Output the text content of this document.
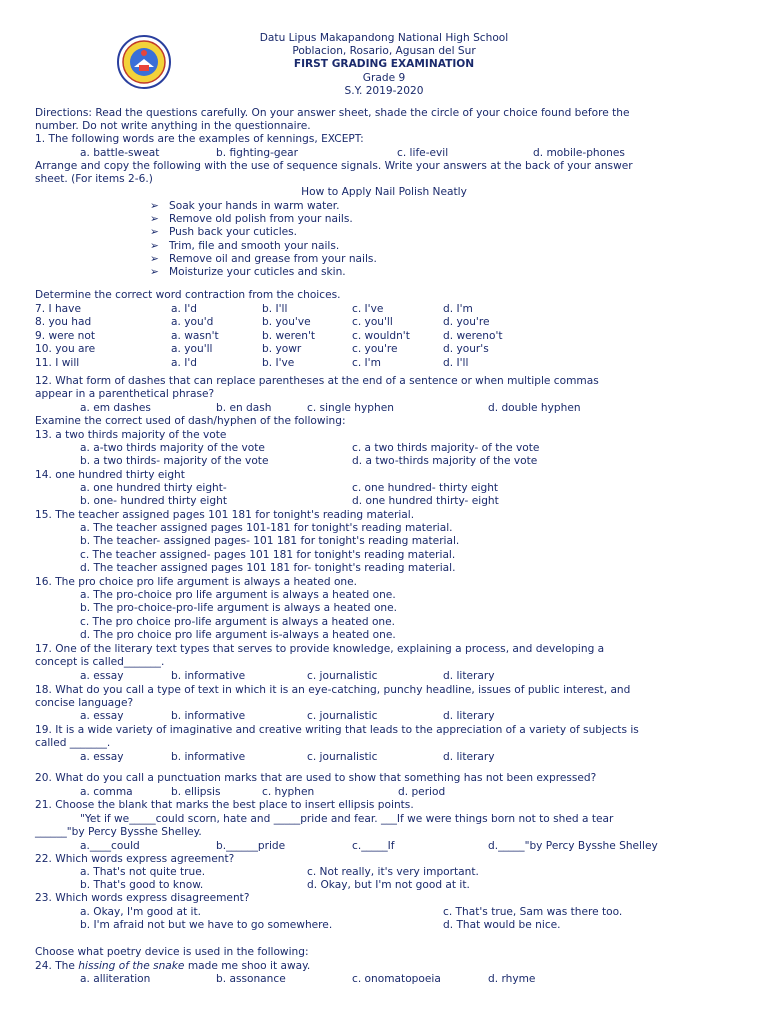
Datu Lipus Makapandong National High School
Poblacion, Rosario, Agusan del Sur
FIRST GRADING EXAMINATION
Grade 9
S.Y. 2019-2020
Directions: Read the questions carefully. On your answer sheet, shade the circle of your choice found before the
number. Do not write anything in the questionnaire.
1. The following words are the examples of kennings, EXCEPT:
a. battle-sweat	b. fighting-gear	c. life-evil	d. mobile-phones
Arrange and copy the following with the use of sequence signals. Write your answers at the back of your answer
sheet. (For items 2-6.)
How to Apply Nail Polish Neatly
➢   Soak your hands in warm water.
➢   Remove old polish from your nails.
➢   Push back your cuticles.
➢   Trim, file and smooth your nails.
➢   Remove oil and grease from your nails.
➢   Moisturize your cuticles and skin.
Determine the correct word contraction from the choices.
7. I have	a. I'd	b. I'll	c. I've	d. I'm
8. you had	a. you'd	b. you've	c. you'll	d. you're
9. were not	a. wasn't	b. weren't	c. wouldn't	d. wereno't
10. you are	a. you'll	b. yowr	c. you're	d. your's
11. I will	a. I'd	b. I've	c. I'm	d. I'll
12. What form of dashes that can replace parentheses at the end of a sentence or when multiple commas
appear in a parenthetical phrase?
a. em dashes	b. en dash	c. single hyphen	d. double hyphen
Examine the correct used of dash/hyphen of the following:
13. a two thirds majority of the vote
a. a-two thirds majority of the vote	c. a two thirds majority- of the vote
b. a two thirds- majority of the vote	d. a two-thirds majority of the vote
14. one hundred thirty eight
a. one hundred thirty eight-	c. one hundred- thirty eight
b. one- hundred thirty eight	d. one hundred thirty- eight
15. The teacher assigned pages 101 181 for tonight's reading material.
a. The teacher assigned pages 101-181 for tonight's reading material.
b. The teacher- assigned pages- 101 181 for tonight's reading material.
c. The teacher assigned- pages 101 181 for tonight's reading material.
d. The teacher assigned pages 101 181 for- tonight's reading material.
16. The pro choice pro life argument is always a heated one.
a. The pro-choice pro life argument is always a heated one.
b. The pro-choice-pro-life argument is always a heated one.
c. The pro choice pro-life argument is always a heated one.
d. The pro choice pro life argument is-always a heated one.
17. One of the literary text types that serves to provide knowledge, explaining a process, and developing a
concept is called_______.
a. essay	b. informative	c. journalistic	d. literary
18. What do you call a type of text in which it is an eye-catching, punchy headline, issues of public interest, and
concise language?
a. essay	b. informative	c. journalistic	d. literary
19. It is a wide variety of imaginative and creative writing that leads to the appreciation of a variety of subjects is
called _______.
a. essay	b. informative	c. journalistic	d. literary
20. What do you call a punctuation marks that are used to show that something has not been expressed?
a. comma	b. ellipsis	c. hyphen	d. period
21. Choose the blank that marks the best place to insert ellipsis points.
"Yet if we_____could scorn, hate and _____pride and fear. ___If we were things born not to shed a tear
______"by Percy Bysshe Shelley.
a.____could	b.______pride	c._____If	d._____"by Percy Bysshe Shelley
22. Which words express agreement?
a. That's not quite true.	c. Not really, it's very important.
b. That's good to know.	d. Okay, but I'm not good at it.
23. Which words express disagreement?
a. Okay, I'm good at it.	c. That's true, Sam was there too.
b. I'm afraid not but we have to go somewhere.	d. That would be nice.
Choose what poetry device is used in the following:
24. The hissing of the snake made me shoo it away.
a. alliteration	b. assonance	c. onomatopoeia	d. rhyme
